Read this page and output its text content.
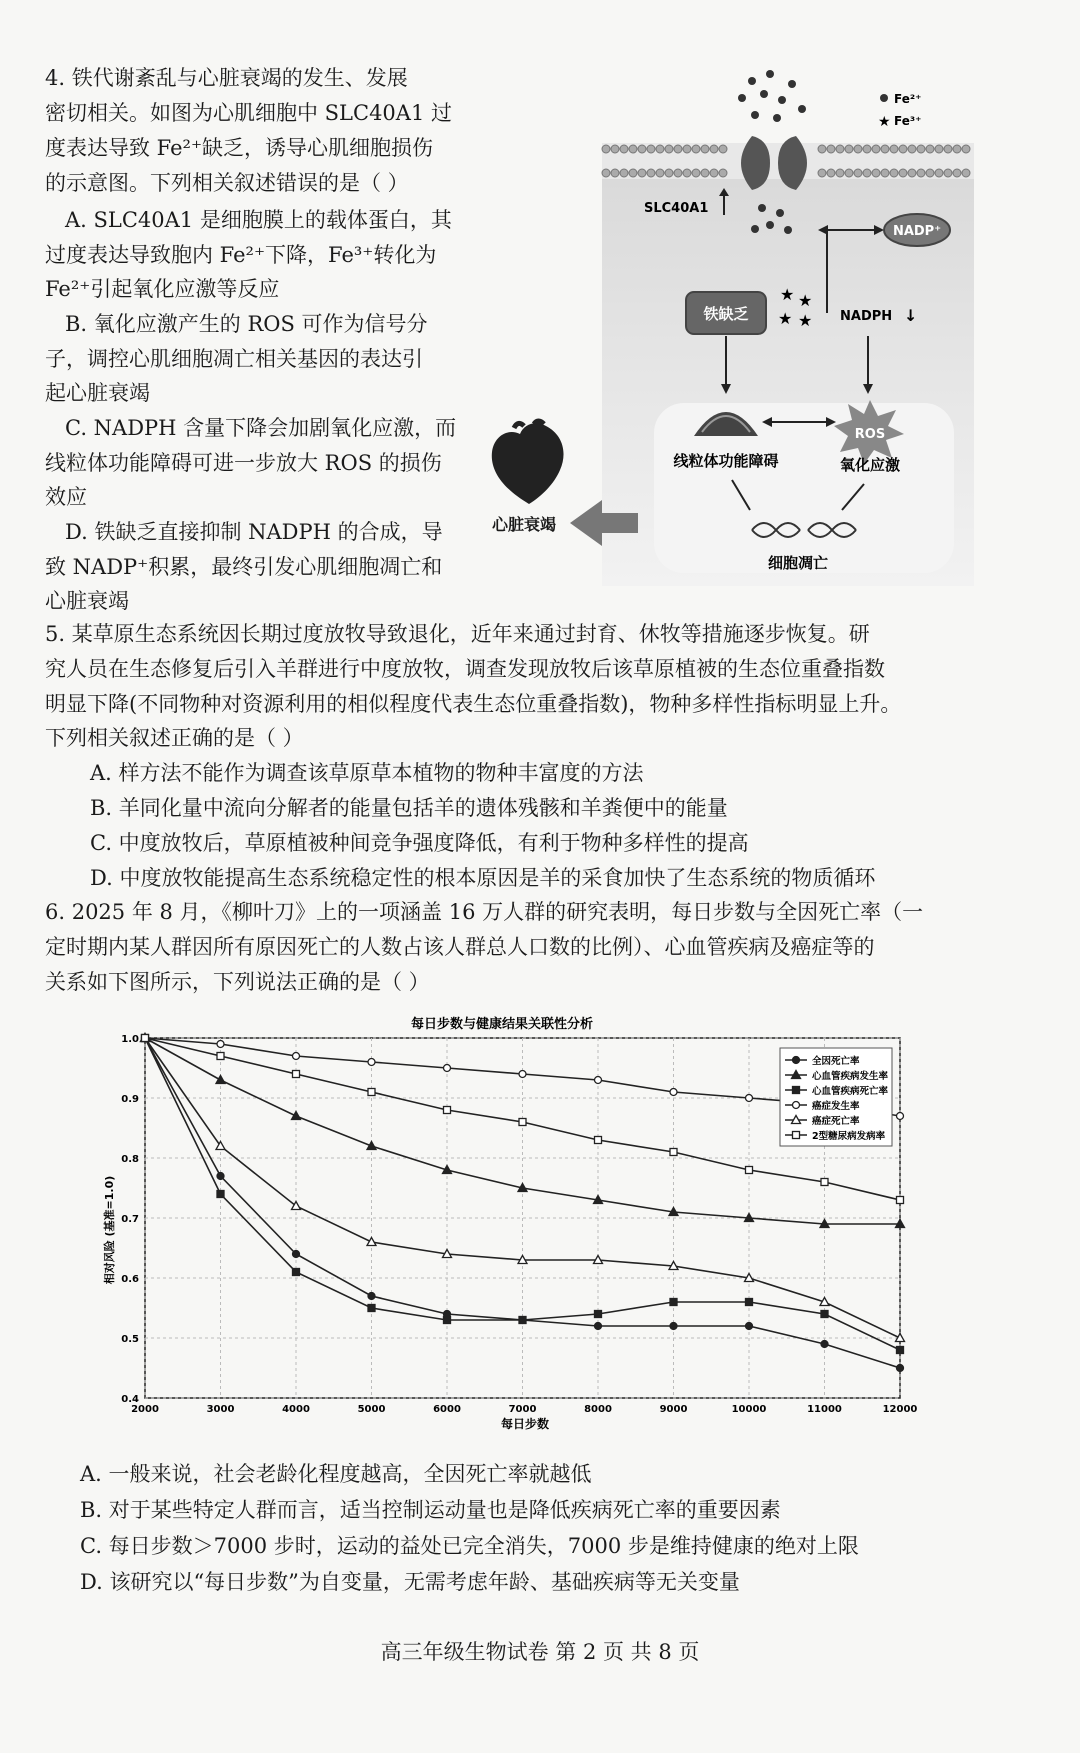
4. 铁代谢紊乱与心脏衰竭的发生、发展
密切相关。如图为心肌细胞中 SLC40A1 过
度表达导致 Fe²⁺缺乏，诱导心肌细胞损伤
的示意图。下列相关叙述错误的是（ ）
A. SLC40A1 是细胞膜上的载体蛋白，其
过度表达导致胞内 Fe²⁺下降，Fe³⁺转化为
Fe²⁺引起氧化应激等反应
B. 氧化应激产生的 ROS 可作为信号分
子，调控心肌细胞凋亡相关基因的表达引
起心脏衰竭
C. NADPH 含量下降会加剧氧化应激，而
线粒体功能障碍可进一步放大 ROS 的损伤
效应
D. 铁缺乏直接抑制 NADPH 的合成，导
致 NADP⁺积累，最终引发心肌细胞凋亡和
心脏衰竭
Fe²⁺
★ Fe³⁺
SLC40A1
NADP⁺
NADPH ↓
铁缺乏
★ ★
★ ★
ROS
线粒体功能障碍	氧化应激
细胞凋亡
心脏衰竭
5. 某草原生态系统因长期过度放牧导致退化，近年来通过封育、休牧等措施逐步恢复。研
究人员在生态修复后引入羊群进行中度放牧，调查发现放牧后该草原植被的生态位重叠指数
明显下降(不同物种对资源利用的相似程度代表生态位重叠指数)，物种多样性指标明显上升。
下列相关叙述正确的是（ ）
A. 样方法不能作为调查该草原草本植物的物种丰富度的方法
B. 羊同化量中流向分解者的能量包括羊的遗体残骸和羊粪便中的能量
C. 中度放牧后，草原植被种间竞争强度降低，有利于物种多样性的提高
D. 中度放牧能提高生态系统稳定性的根本原因是羊的采食加快了生态系统的物质循环
6. 2025 年 8 月，《柳叶刀》上的一项涵盖 16 万人群的研究表明，每日步数与全因死亡率（一
定时期内某人群因所有原因死亡的人数占该人群总人口数的比例）、心血管疾病及癌症等的
关系如下图所示，下列说法正确的是（ ）
每日步数与健康结果关联性分析
0.4
0.5
0.6
0.7
0.8
0.9
1.0
2000	3000	4000	5000	6000	7000	8000	9000	10000	11000	12000
全因死亡率
心血管疾病发生率
心血管疾病死亡率
癌症发生率
癌症死亡率
2型糖尿病发病率
每日步数
相对风险 (基准=1.0)
A. 一般来说，社会老龄化程度越高，全因死亡率就越低
B. 对于某些特定人群而言，适当控制运动量也是降低疾病死亡率的重要因素
C. 每日步数＞7000 步时，运动的益处已完全消失，7000 步是维持健康的绝对上限
D. 该研究以“每日步数”为自变量，无需考虑年龄、基础疾病等无关变量
高三年级生物试卷 第 2 页 共 8 页
